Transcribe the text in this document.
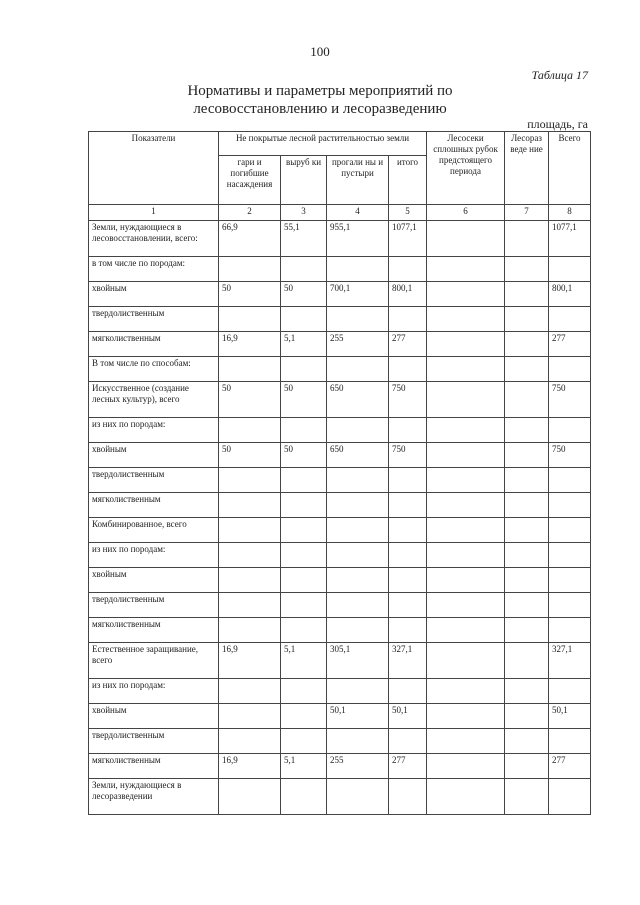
100
Таблица 17
Нормативы и параметры мероприятий по
лесовосстановлению и лесоразведению
площадь, га
Показатели	Не покрытые лесной растительностью земли				Лесосеки сплошных рубок предстоящего периода	Лесораз веде ние	Всего
	гари и погибшие насаждения	выруб ки	прогали ны и пустыри	итого			
1	2	3	4	5	6	7	8
Земли, нуждающиеся в лесовосстановлении, всего:	66,9	55,1	955,1	1077,1			1077,1
в том числе по породам:							
хвойным	50	50	700,1	800,1			800,1
твердолиственным							
мягколиственным	16,9	5,1	255	277			277
В том числе по способам:							
Искусственное (создание лесных культур), всего	50	50	650	750			750
из них по породам:							
хвойным	50	50	650	750			750
твердолиственным							
мягколиственным							
Комбинированное, всего							
из них по породам:							
хвойным							
твердолиственным							
мягколиственным							
Естественное заращивание, всего	16,9	5,1	305,1	327,1			327,1
из них по породам:							
хвойным			50,1	50,1			50,1
твердолиственным							
мягколиственным	16,9	5,1	255	277			277
Земли, нуждающиеся в лесоразведении							
